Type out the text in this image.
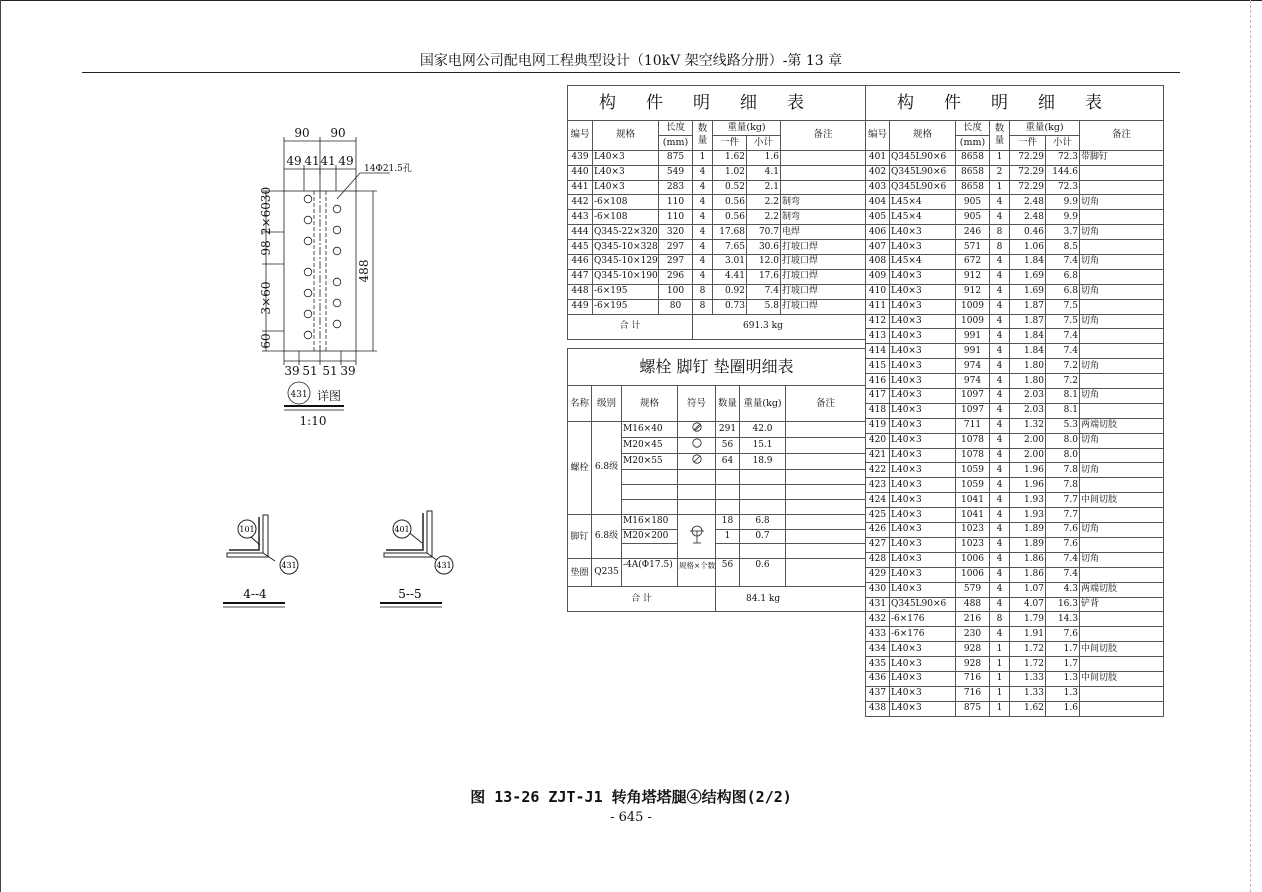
国家电网公司配电网工程典型设计（10kV 架空线路分册）-第 13 章
90 90
49 41 41 49
39 51 51 39
2×6030
98
3×60
60
488
详图
1:10
14Φ21.5孔
431
101
431
4--4
401
431
5--5
构件明细表						
编号	规格	长度	数量	重量(kg)		备注
		(mm)		一件	小计	
439	L40×3	875	1	1.62	1.6	
440	L40×3	549	4	1.02	4.1	
441	L40×3	283	4	0.52	2.1	
442	-6×108	110	4	0.56	2.2	制弯
443	-6×108	110	4	0.56	2.2	制弯
444	Q345-22×320	320	4	17.68	70.7	电焊
445	Q345-10×328	297	4	7.65	30.6	打坡口焊
446	Q345-10×129	297	4	3.01	12.0	打坡口焊
447	Q345-10×190	296	4	4.41	17.6	打坡口焊
448	-6×195	100	8	0.92	7.4	打坡口焊
449	-6×195	80	8	0.73	5.8	打坡口焊
合 计			691.3 kg			
螺栓 脚钉 垫圈明细表						
名称	级别	规格	符号	数量	重量(kg)	备注
螺栓	6.8级	M16×40		291	42.0	
		M20×45		56	15.1	
		M20×55		64	18.9	

脚钉	6.8级	M16×180		18	6.8	
		M20×200		1	0.7	

垫圈	Q235	-4A(Φ17.5)	规格×个数	56	0.6	
合 计				84.1 kg		
构件明细表						
编号	规格	长度	数量	重量(kg)		备注
		(mm)		一件	小计	
401	Q345L90×6	8658	1	72.29	72.3	带脚钉
402	Q345L90×6	8658	2	72.29	144.6	
403	Q345L90×6	8658	1	72.29	72.3	
404	L45×4	905	4	2.48	9.9	切角
405	L45×4	905	4	2.48	9.9	
406	L40×3	246	8	0.46	3.7	切角
407	L40×3	571	8	1.06	8.5	
408	L45×4	672	4	1.84	7.4	切角
409	L40×3	912	4	1.69	6.8	
410	L40×3	912	4	1.69	6.8	切角
411	L40×3	1009	4	1.87	7.5	
412	L40×3	1009	4	1.87	7.5	切角
413	L40×3	991	4	1.84	7.4	
414	L40×3	991	4	1.84	7.4	
415	L40×3	974	4	1.80	7.2	切角
416	L40×3	974	4	1.80	7.2	
417	L40×3	1097	4	2.03	8.1	切角
418	L40×3	1097	4	2.03	8.1	
419	L40×3	711	4	1.32	5.3	两端切肢
420	L40×3	1078	4	2.00	8.0	切角
421	L40×3	1078	4	2.00	8.0	
422	L40×3	1059	4	1.96	7.8	切角
423	L40×3	1059	4	1.96	7.8	
424	L40×3	1041	4	1.93	7.7	中间切肢
425	L40×3	1041	4	1.93	7.7	
426	L40×3	1023	4	1.89	7.6	切角
427	L40×3	1023	4	1.89	7.6	
428	L40×3	1006	4	1.86	7.4	切角
429	L40×3	1006	4	1.86	7.4	
430	L40×3	579	4	1.07	4.3	两端切肢
431	Q345L90×6	488	4	4.07	16.3	铲背
432	-6×176	216	8	1.79	14.3	
433	-6×176	230	4	1.91	7.6	
434	L40×3	928	1	1.72	1.7	中间切肢
435	L40×3	928	1	1.72	1.7	
436	L40×3	716	1	1.33	1.3	中间切肢
437	L40×3	716	1	1.33	1.3	
438	L40×3	875	1	1.62	1.6	
图 13-26 ZJT-J1 转角塔塔腿④结构图(2/2)
- 645 -
